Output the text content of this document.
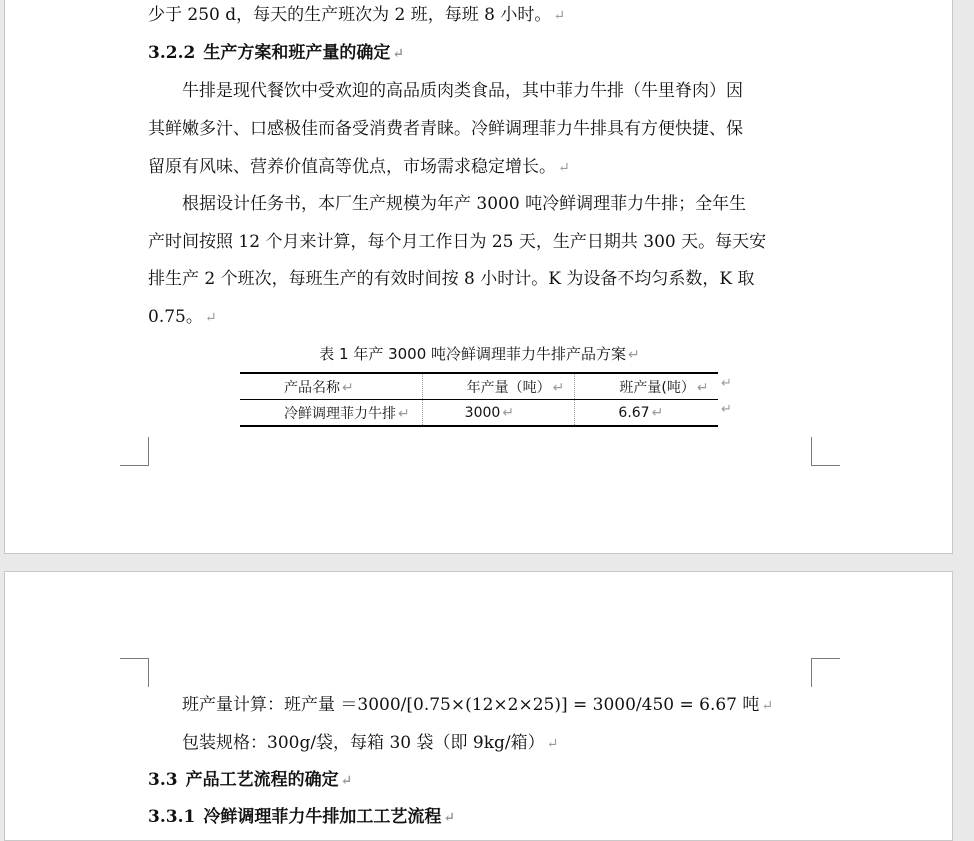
少于 250 d，每天的生产班次为 2 班，每班 8 小时。 ↵
3.2.2 生产方案和班产量的确定 ↵
　　牛排是现代餐饮中受欢迎的高品质肉类食品，其中菲力牛排（牛里脊肉）因
其鲜嫩多汁、口感极佳而备受消费者青睐。冷鲜调理菲力牛排具有方便快捷、保
留原有风味、营养价值高等优点，市场需求稳定增长。 ↵
　　根据设计任务书，本厂生产规模为年产 3000 吨冷鲜调理菲力牛排；全年生
产时间按照 12 个月来计算，每个月工作日为 25 天，生产日期共 300 天。每天安
排生产 2 个班次，每班生产的有效时间按 8 小时计。K 为设备不均匀系数，K 取
0.75。 ↵
表 1 年产 3000 吨冷鲜调理菲力牛排产品方案 ↵
产品名称 ↵	年产量（吨） ↵	班产量(吨） ↵
冷鲜调理菲力牛排 ↵	3000 ↵	6.67 ↵
↵
↵
　　班产量计算：班产量 ＝3000/[0.75×(12×2×25)] = 3000/450 = 6.67 吨 ↵
　　包装规格：300g/袋，每箱 30 袋（即 9kg/箱） ↵
3.3 产品工艺流程的确定 ↵
3.3.1 冷鲜调理菲力牛排加工工艺流程 ↵
